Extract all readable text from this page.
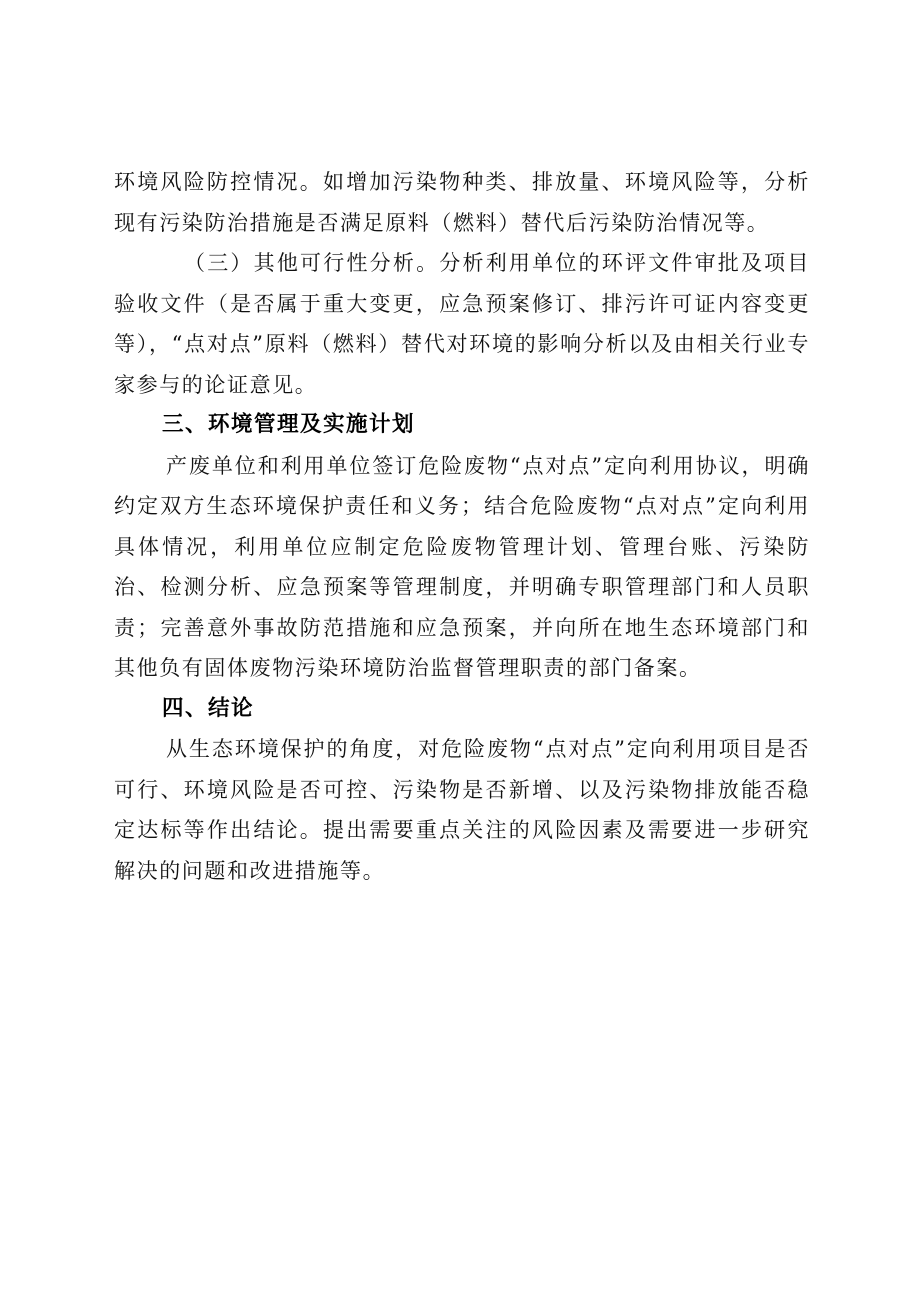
环境风险防控情况。如增加污染物种类、排放量、环境风险等，分析现有污染防治措施是否满足原料（燃料）替代后污染防治情况等。

（三）其他可行性分析。分析利用单位的环评文件审批及项目验收文件（是否属于重大变更，应急预案修订、排污许可证内容变更等），“点对点”原料（燃料）替代对环境的影响分析以及由相关行业专家参与的论证意见。

三、环境管理及实施计划

产废单位和利用单位签订危险废物“点对点”定向利用协议，明确约定双方生态环境保护责任和义务；结合危险废物“点对点”定向利用具体情况，利用单位应制定危险废物管理计划、管理台账、污染防治、检测分析、应急预案等管理制度，并明确专职管理部门和人员职责；完善意外事故防范措施和应急预案，并向所在地生态环境部门和其他负有固体废物污染环境防治监督管理职责的部门备案。

四、结论

从生态环境保护的角度，对危险废物“点对点”定向利用项目是否可行、环境风险是否可控、污染物是否新增、以及污染物排放能否稳定达标等作出结论。提出需要重点关注的风险因素及需要进一步研究解决的问题和改进措施等。
